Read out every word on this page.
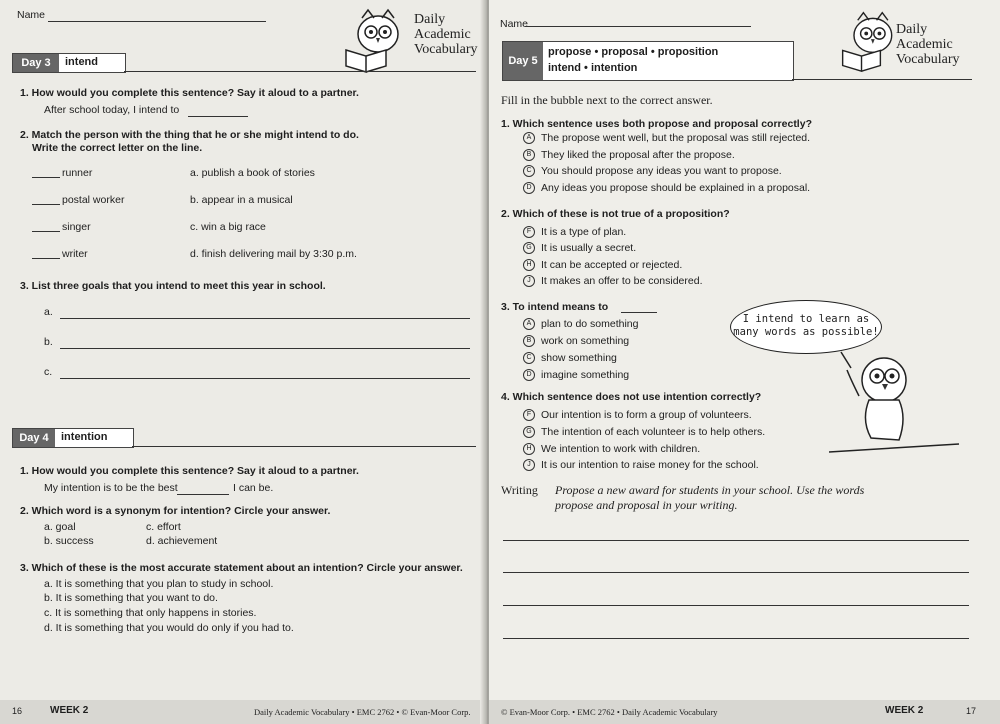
Name	Daily
Academic
Vocabulary
Day 3	intend
1. How would you complete this sentence? Say it aloud to a partner.
After school today, I intend to
2. Match the person with the thing that he or she might intend to do.
Write the correct letter on the line.
runner	a. publish a book of stories
postal worker	b. appear in a musical
singer	c. win a big race
writer	d. finish delivering mail by 3:30 p.m.
3. List three goals that you intend to meet this year in school.
a.
b.
c.
Day 4	intention
1. How would you complete this sentence? Say it aloud to a partner.
My intention is to be the best	I can be.
2. Which word is a synonym for intention? Circle your answer.
a. goal	c. effort
b. success	d. achievement
3. Which of these is the most accurate statement about an intention? Circle your answer.
a. It is something that you plan to study in school.
b. It is something that you want to do.
c. It is something that only happens in stories.
d. It is something that you would do only if you had to.
16	WEEK 2	Daily Academic Vocabulary • EMC 2762 • © Evan-Moor Corp.
Name	Daily
Academic
Vocabulary
Day 5
propose • proposal • proposition
intend • intention
Fill in the bubble next to the correct answer.
1. Which sentence uses both propose and proposal correctly?
A The propose went well, but the proposal was still rejected.
B They liked the proposal after the propose.
C You should propose any ideas you want to propose.
D Any ideas you propose should be explained in a proposal.
2. Which of these is not true of a proposition?
F It is a type of plan.
G It is usually a secret.
H It can be accepted or rejected.
J It makes an offer to be considered.
3. To intend means to
A plan to do something
B work on something
C show something
D imagine something
4. Which sentence does not use intention correctly?
F Our intention is to form a group of volunteers.
G The intention of each volunteer is to help others.
H We intention to work with children.
J It is our intention to raise money for the school.
I intend to learn as
many words as possible!
Writing Propose a new award for students in your school. Use the words
propose and proposal in your writing.
© Evan-Moor Corp. • EMC 2762 • Daily Academic Vocabulary	WEEK 2	17
